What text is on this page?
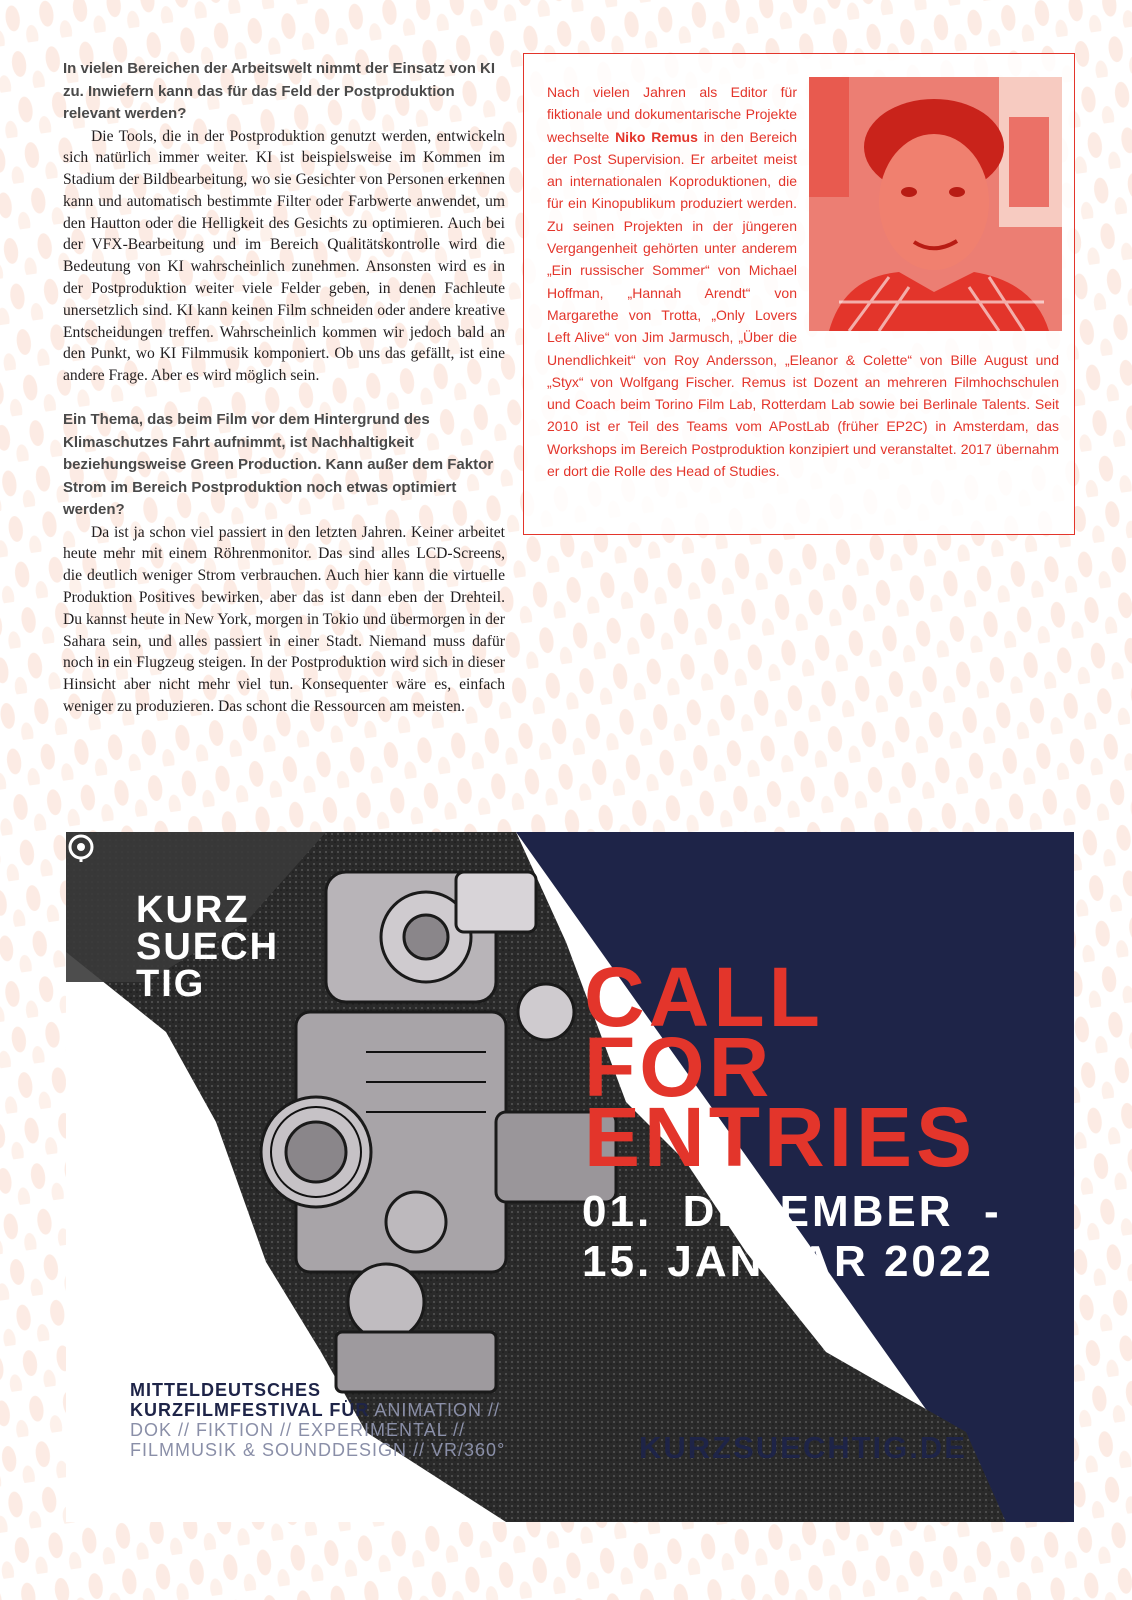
In vielen Bereichen der Arbeitswelt nimmt der Einsatz von KI zu. Inwiefern kann das für das Feld der Postproduktion relevant werden?

Die Tools, die in der Postproduktion genutzt werden, entwickeln sich natürlich immer weiter. KI ist beispielsweise im Kommen im Stadium der Bildbearbeitung, wo sie Gesichter von Personen erkennen kann und automatisch bestimmte Filter oder Farbwerte anwendet, um den Hautton oder die Helligkeit des Gesichts zu optimieren. Auch bei der VFX-Bearbeitung und im Bereich Qualitätskontrolle wird die Bedeutung von KI wahrscheinlich zunehmen. Ansonsten wird es in der Postproduktion weiter viele Felder geben, in denen Fachleute unersetzlich sind. KI kann keinen Film schneiden oder andere kreative Entscheidungen treffen. Wahrscheinlich kommen wir jedoch bald an den Punkt, wo KI Filmmusik komponiert. Ob uns das gefällt, ist eine andere Frage. Aber es wird möglich sein.

Ein Thema, das beim Film vor dem Hintergrund des Klimaschutzes Fahrt aufnimmt, ist Nachhaltigkeit beziehungsweise Green Production. Kann außer dem Faktor Strom im Bereich Postproduktion noch etwas optimiert werden?

Da ist ja schon viel passiert in den letzten Jahren. Keiner arbeitet heute mehr mit einem Röhrenmonitor. Das sind alles LCD-Screens, die deutlich weniger Strom verbrauchen. Auch hier kann die virtuelle Produktion Positives bewirken, aber das ist dann eben der Drehteil. Du kannst heute in New York, morgen in Tokio und übermorgen in der Sahara sein, und alles passiert in einer Stadt. Niemand muss dafür noch in ein Flugzeug steigen. In der Postproduktion wird sich in dieser Hinsicht aber nicht mehr viel tun. Konsequenter wäre es, einfach weniger zu produzieren. Das schont die Ressourcen am meisten.

Nach vielen Jahren als Editor für fiktionale und dokumentarische Projekte wechselte Niko Remus in den Bereich der Post Supervision. Er arbeitet meist an internationalen Koproduktionen, die für ein Kinopublikum produziert werden. Zu seinen Projekten in der jüngeren Vergangenheit gehörten unter anderem „Ein russischer Sommer“ von Michael Hoffman, „Hannah Arendt“ von Margarethe von Trotta, „Only Lovers Left Alive“ von Jim Jarmusch, „Über die Unendlichkeit“ von Roy Andersson, „Eleanor & Colette“ von Bille August und „Styx“ von Wolfgang Fischer. Remus ist Dozent an mehreren Filmhochschulen und Coach beim Torino Film Lab, Rotterdam Lab sowie bei Berlinale Talents. Seit 2010 ist er Teil des Teams vom APostLab (früher EP2C) in Amsterdam, das Workshops im Bereich Postproduktion konzipiert und veranstaltet. 2017 übernahm er dort die Rolle des Head of Studies.

KURZ
SUECH
TIG	CALL
FOR
ENTRIES
01.  DEZEMBER  -
15. JANUAR 2022
MITTELDEUTSCHES
KURZFILMFESTIVAL FÜR ANIMATION //
DOK // FIKTION // EXPERIMENTAL //
FILMMUSIK & SOUNDDESIGN // VR/360°	KURZSUECHTIG.DE
